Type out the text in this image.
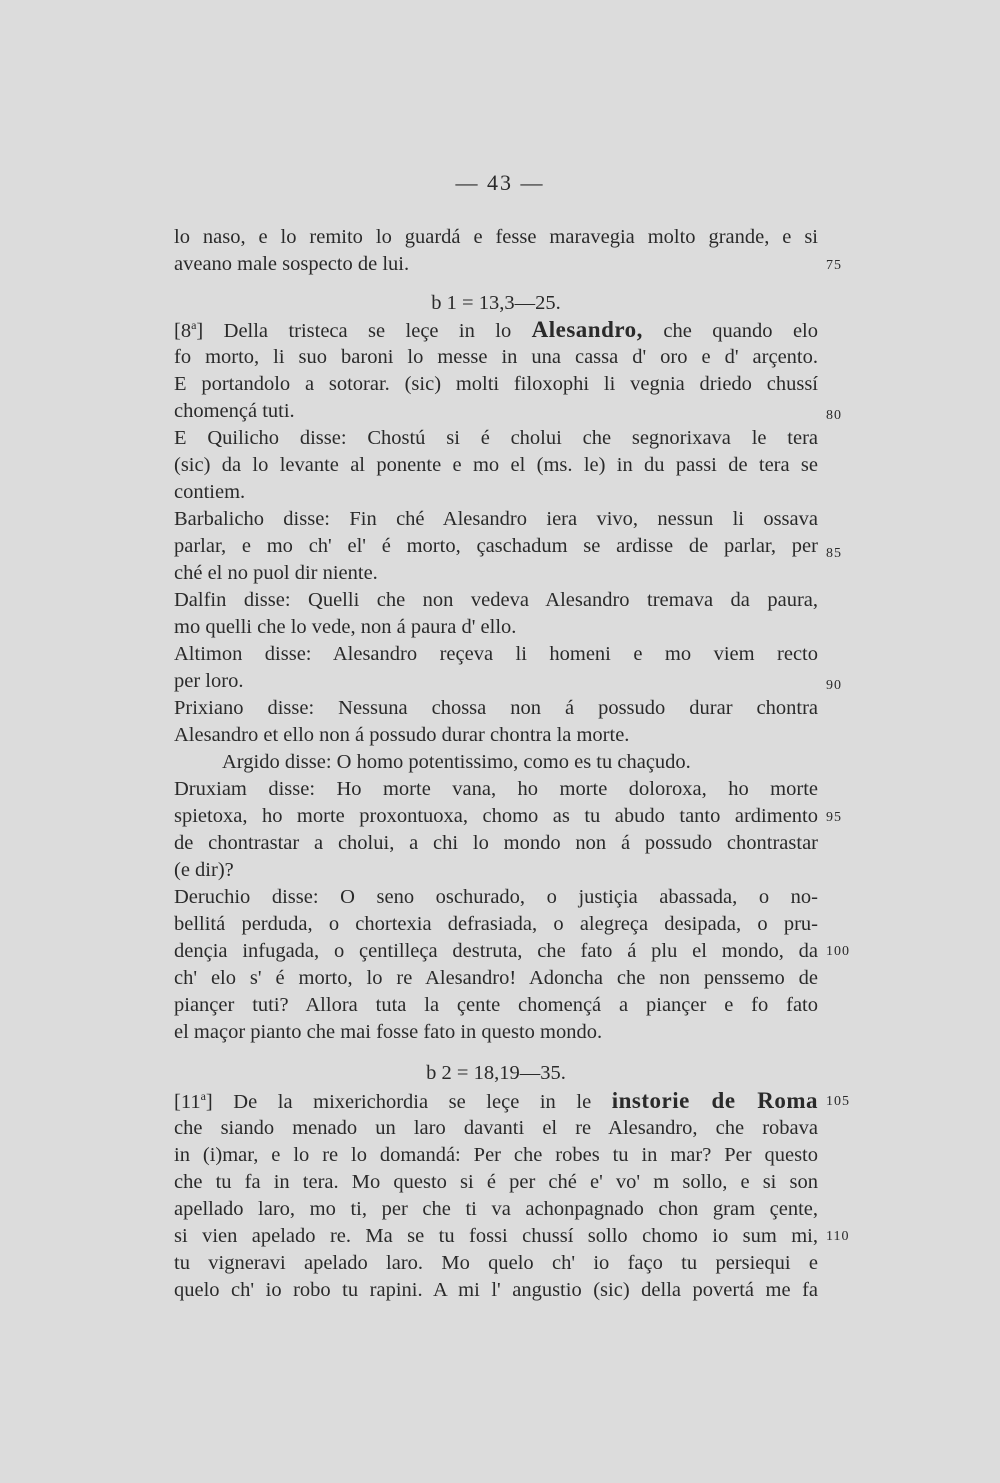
— 43 —
lo naso, e lo remito lo guardá e fesse maravegia molto grande, e si
aveano male sospecto de lui.	75
b 1 = 13,3—25.
[8$^a$] Della tristeca se leçe in lo Alesandro, che quando elo
fo morto, li suo baroni lo messe in una cassa d' oro e d' arçento.
E portandolo a sotorar. (sic) molti filoxophi li vegnia driedo chussí
chomençá tuti.	80
E Quilicho disse: Chostú si é cholui che segnorixava le tera
(sic) da lo levante al ponente e mo el (ms. le) in du passi de tera se
contiem.
Barbalicho disse: Fin ché Alesandro iera vivo, nessun li ossava
parlar, e mo ch' el' é morto, çaschadum se ardisse de parlar, per 85
ché el no puol dir niente.
Dalfin disse: Quelli che non vedeva Alesandro tremava da paura,
mo quelli che lo vede, non á paura d' ello.
Altimon disse: Alesandro reçeva li homeni e mo viem recto
per loro.	90
Prixiano disse: Nessuna chossa non á possudo durar chontra
Alesandro et ello non á possudo durar chontra la morte.
Argido disse: O homo potentissimo, como es tu chaçudo.
Druxiam disse: Ho morte vana, ho morte doloroxa, ho morte
spietoxa, ho morte proxontuoxa, chomo as tu abudo tanto ardimento 95
de chontrastar a cholui, a chi lo mondo non á possudo chontrastar
(e dir)?
Deruchio disse: O seno oschurado, o justiçia abassada, o no-
bellitá perduda, o chortexia defrasiada, o alegreça desipada, o pru-
dençia infugada, o çentilleça destruta, che fato á plu el mondo, da 100
ch' elo s' é morto, lo re Alesandro! Adoncha che non penssemo de
piançer tuti? Allora tuta la çente chomençá a piançer e fo fato
el maçor pianto che mai fosse fato in questo mondo.
b 2 = 18,19—35.
[11$^a$] De la mixerichordia se leçe in le instorie de Roma 105
che siando menado un laro davanti el re Alesandro, che robava
in (i)mar, e lo re lo domandá: Per che robes tu in mar? Per questo
che tu fa in tera. Mo questo si é per ché e' vo' m sollo, e si son
apellado laro, mo ti, per che ti va achonpagnado chon gram çente,
si vien apelado re. Ma se tu fossi chussí sollo chomo io sum mi, 110
tu vigneravi apelado laro. Mo quelo ch' io faço tu persiequi e
quelo ch' io robo tu rapini. A mi l' angustio (sic) della povertá me fa
